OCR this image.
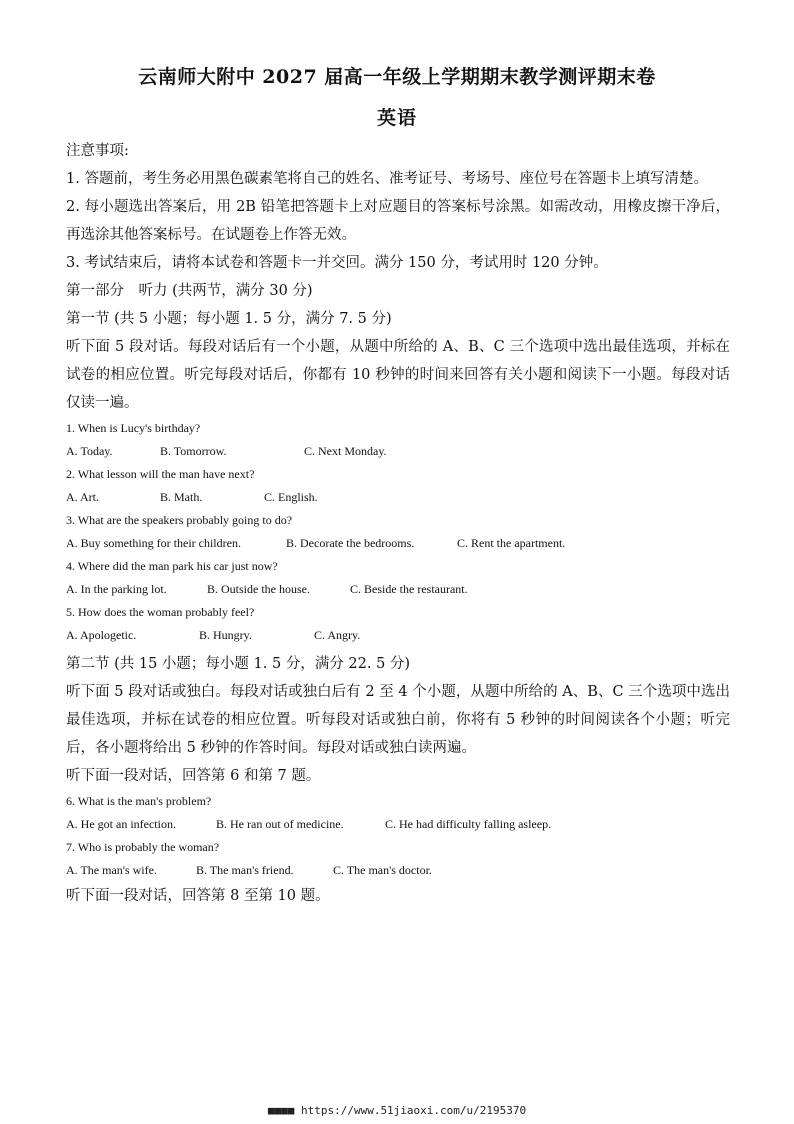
云南师大附中 2027 届高一年级上学期期末教学测评期末卷
英语

注意事项:

1. 答题前，考生务必用黑色碳素笔将自己的姓名、准考证号、考场号、座位号在答题卡上填写清楚。

2. 每小题选出答案后，用 2B 铅笔把答题卡上对应题目的答案标号涂黑。如需改动，用橡皮擦干净后，再选涂其他答案标号。在试题卷上作答无效。

3. 考试结束后，请将本试卷和答题卡一并交回。满分 150 分，考试用时 120 分钟。

第一部分　听力 (共两节，满分 30 分)

第一节 (共 5 小题；每小题 1. 5 分，满分 7. 5 分)

听下面 5 段对话。每段对话后有一个小题，从题中所给的 A、B、C 三个选项中选出最佳选项，并标在试卷的相应位置。听完每段对话后，你都有 10 秒钟的时间来回答有关小题和阅读下一小题。每段对话仅读一遍。

1. When is Lucy's birthday?

A. Today.	B. Tomorrow.	C. Next Monday.

2. What lesson will the man have next?

A. Art.	B. Math.	C. English.

3. What are the speakers probably going to do?

A. Buy something for their children.	B. Decorate the bedrooms.	C. Rent the apartment.

4. Where did the man park his car just now?

A. In the parking lot.	B. Outside the house.	C. Beside the restaurant.

5. How does the woman probably feel?

A. Apologetic.	B. Hungry.	C. Angry.

第二节 (共 15 小题；每小题 1. 5 分，满分 22. 5 分)

听下面 5 段对话或独白。每段对话或独白后有 2 至 4 个小题，从题中所给的 A、B、C 三个选项中选出最佳选项，并标在试卷的相应位置。听每段对话或独白前，你将有 5 秒钟的时间阅读各个小题；听完后，各小题将给出 5 秒钟的作答时间。每段对话或独白读两遍。

听下面一段对话，回答第 6 和第 7 题。

6. What is the man's problem?

A. He got an infection.	B. He ran out of medicine.	C. He had difficulty falling asleep.

7. Who is probably the woman?

A. The man's wife.	B. The man's friend.	C. The man's doctor.

听下面一段对话，回答第 8 至第 10 题。

■■■■ https://www.51jiaoxi.com/u/2195370
